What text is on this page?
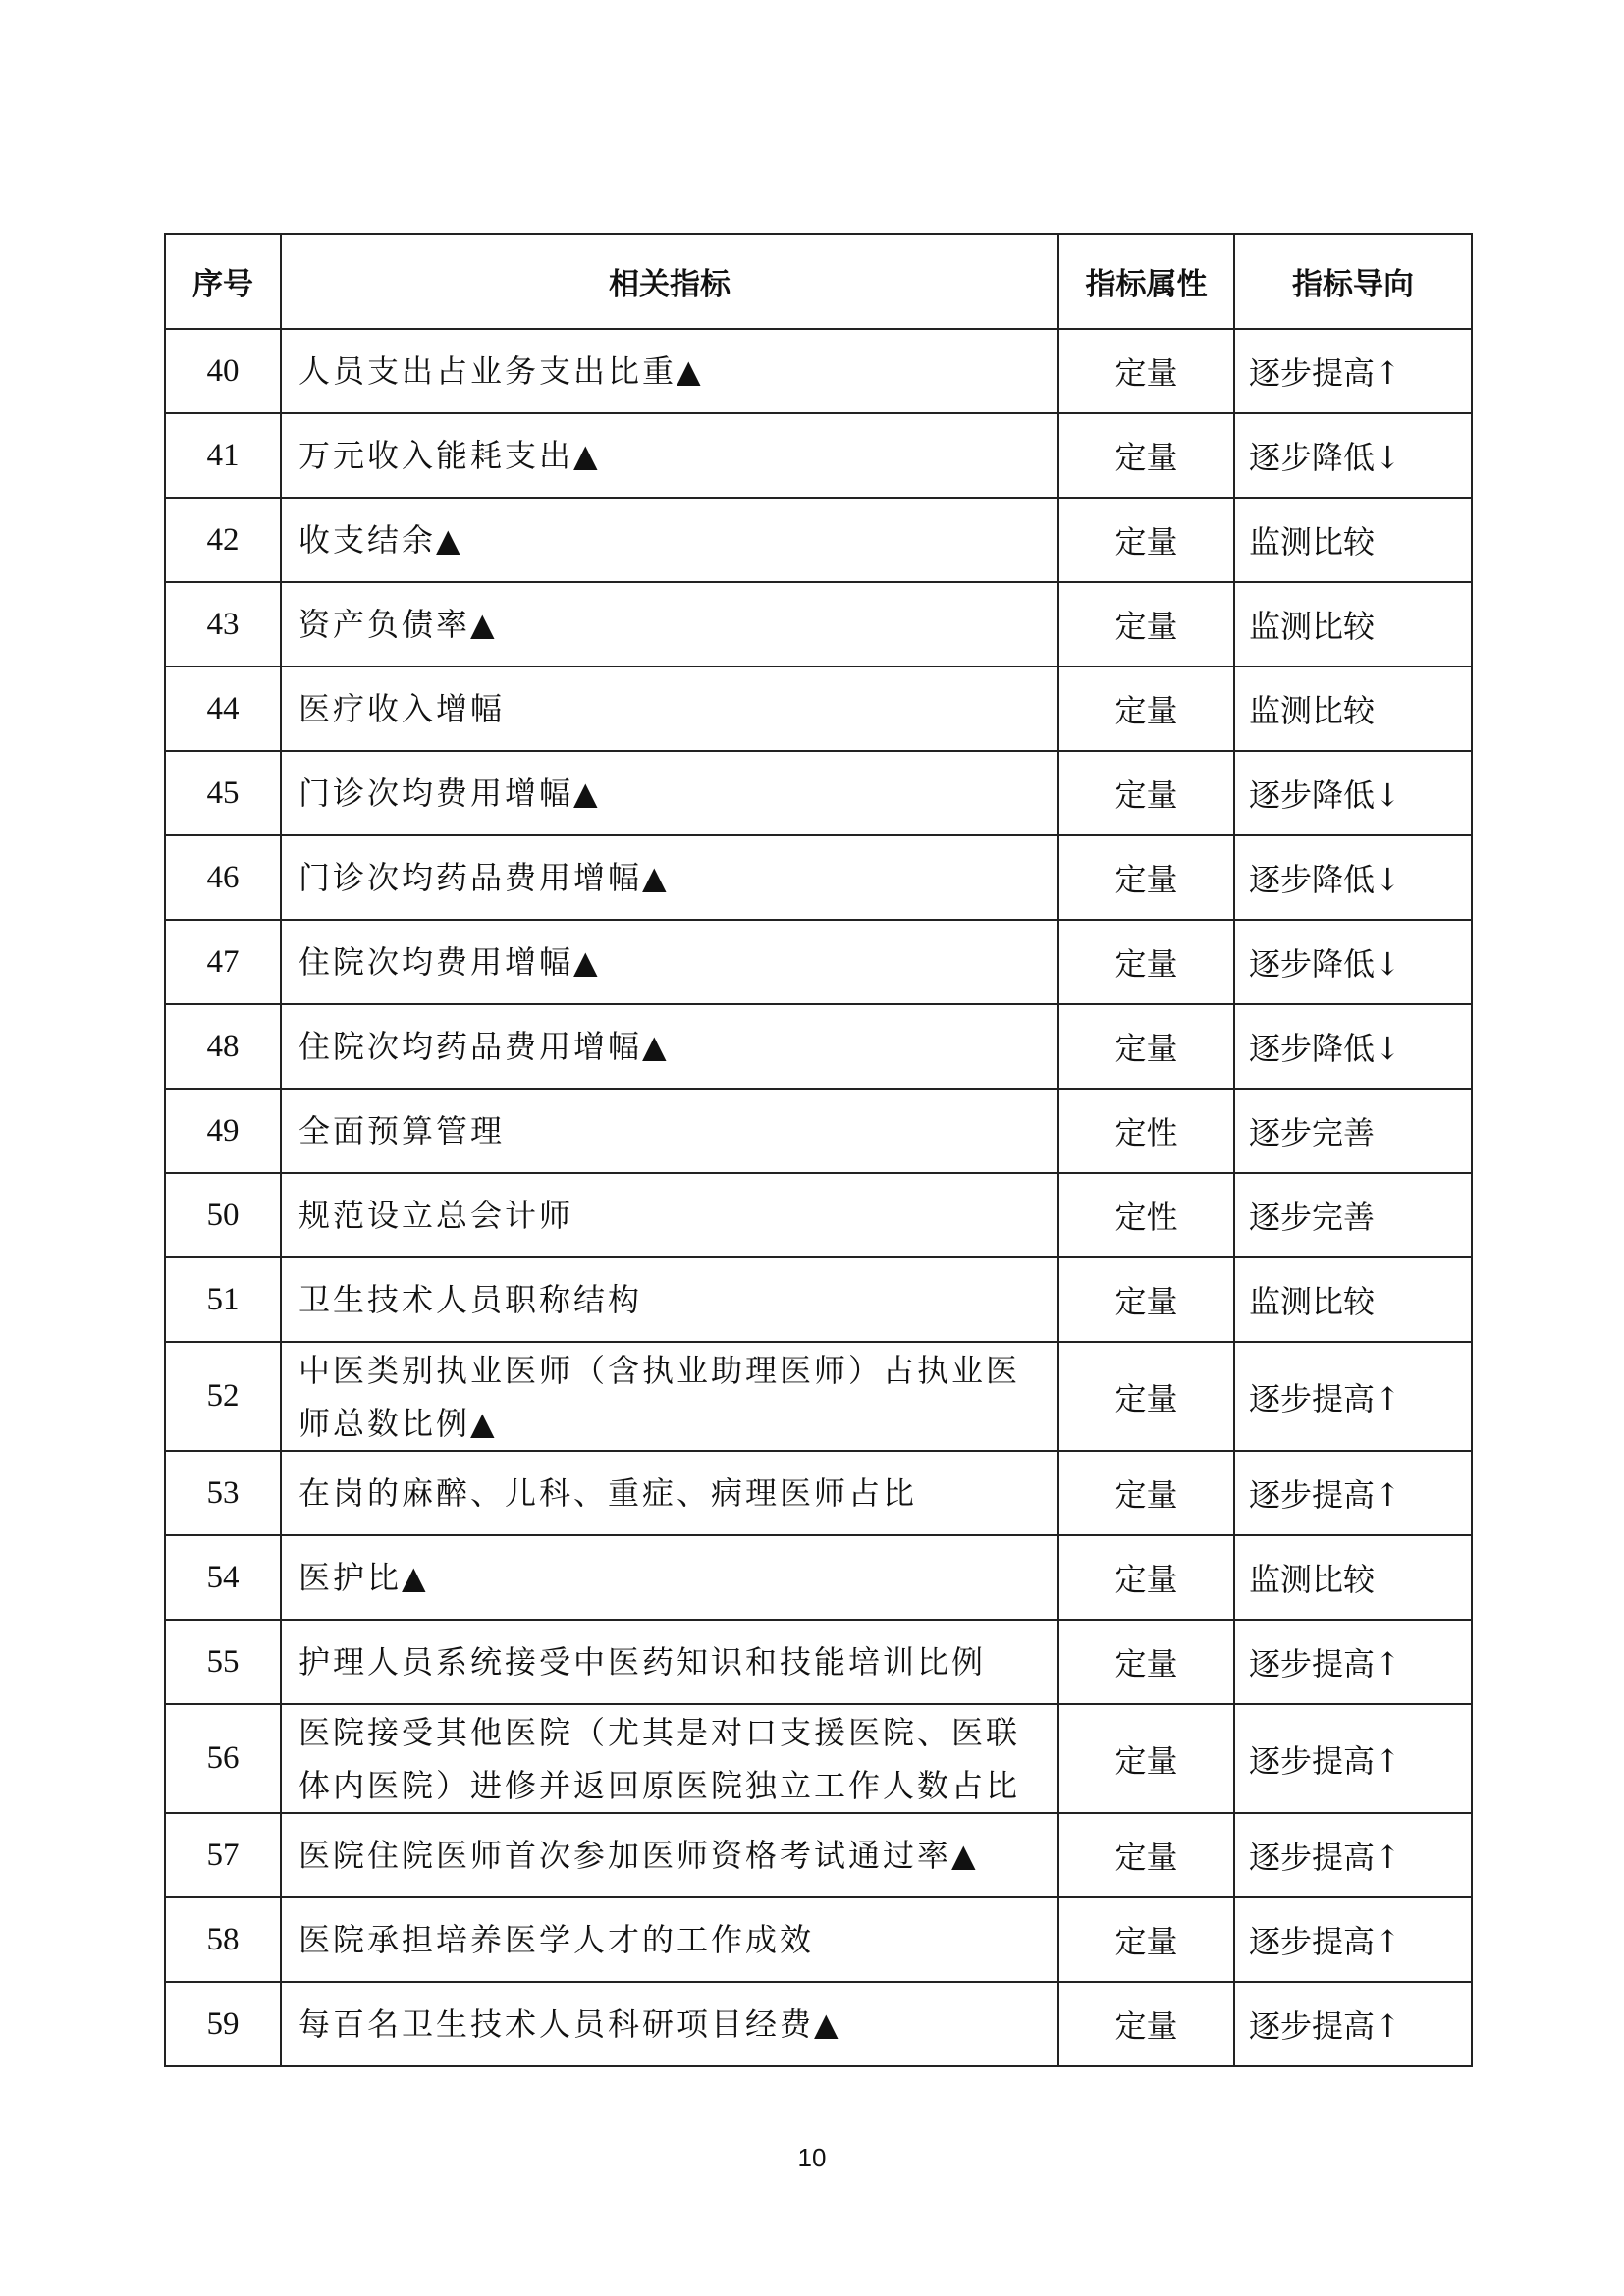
序号	相关指标	指标属性	指标导向
40	人员支出占业务支出比重▲	定量	逐步提高↑
41	万元收入能耗支出▲	定量	逐步降低↓
42	收支结余▲	定量	监测比较
43	资产负债率▲	定量	监测比较
44	医疗收入增幅	定量	监测比较
45	门诊次均费用增幅▲	定量	逐步降低↓
46	门诊次均药品费用增幅▲	定量	逐步降低↓
47	住院次均费用增幅▲	定量	逐步降低↓
48	住院次均药品费用增幅▲	定量	逐步降低↓
49	全面预算管理	定性	逐步完善
50	规范设立总会计师	定性	逐步完善
51	卫生技术人员职称结构	定量	监测比较
52	中医类别执业医师（含执业助理医师）占执业医师总数比例▲	定量	逐步提高↑
53	在岗的麻醉、儿科、重症、病理医师占比	定量	逐步提高↑
54	医护比▲	定量	监测比较
55	护理人员系统接受中医药知识和技能培训比例	定量	逐步提高↑
56	医院接受其他医院（尤其是对口支援医院、医联体内医院）进修并返回原医院独立工作人数占比	定量	逐步提高↑
57	医院住院医师首次参加医师资格考试通过率▲	定量	逐步提高↑
58	医院承担培养医学人才的工作成效	定量	逐步提高↑
59	每百名卫生技术人员科研项目经费▲	定量	逐步提高↑
10
